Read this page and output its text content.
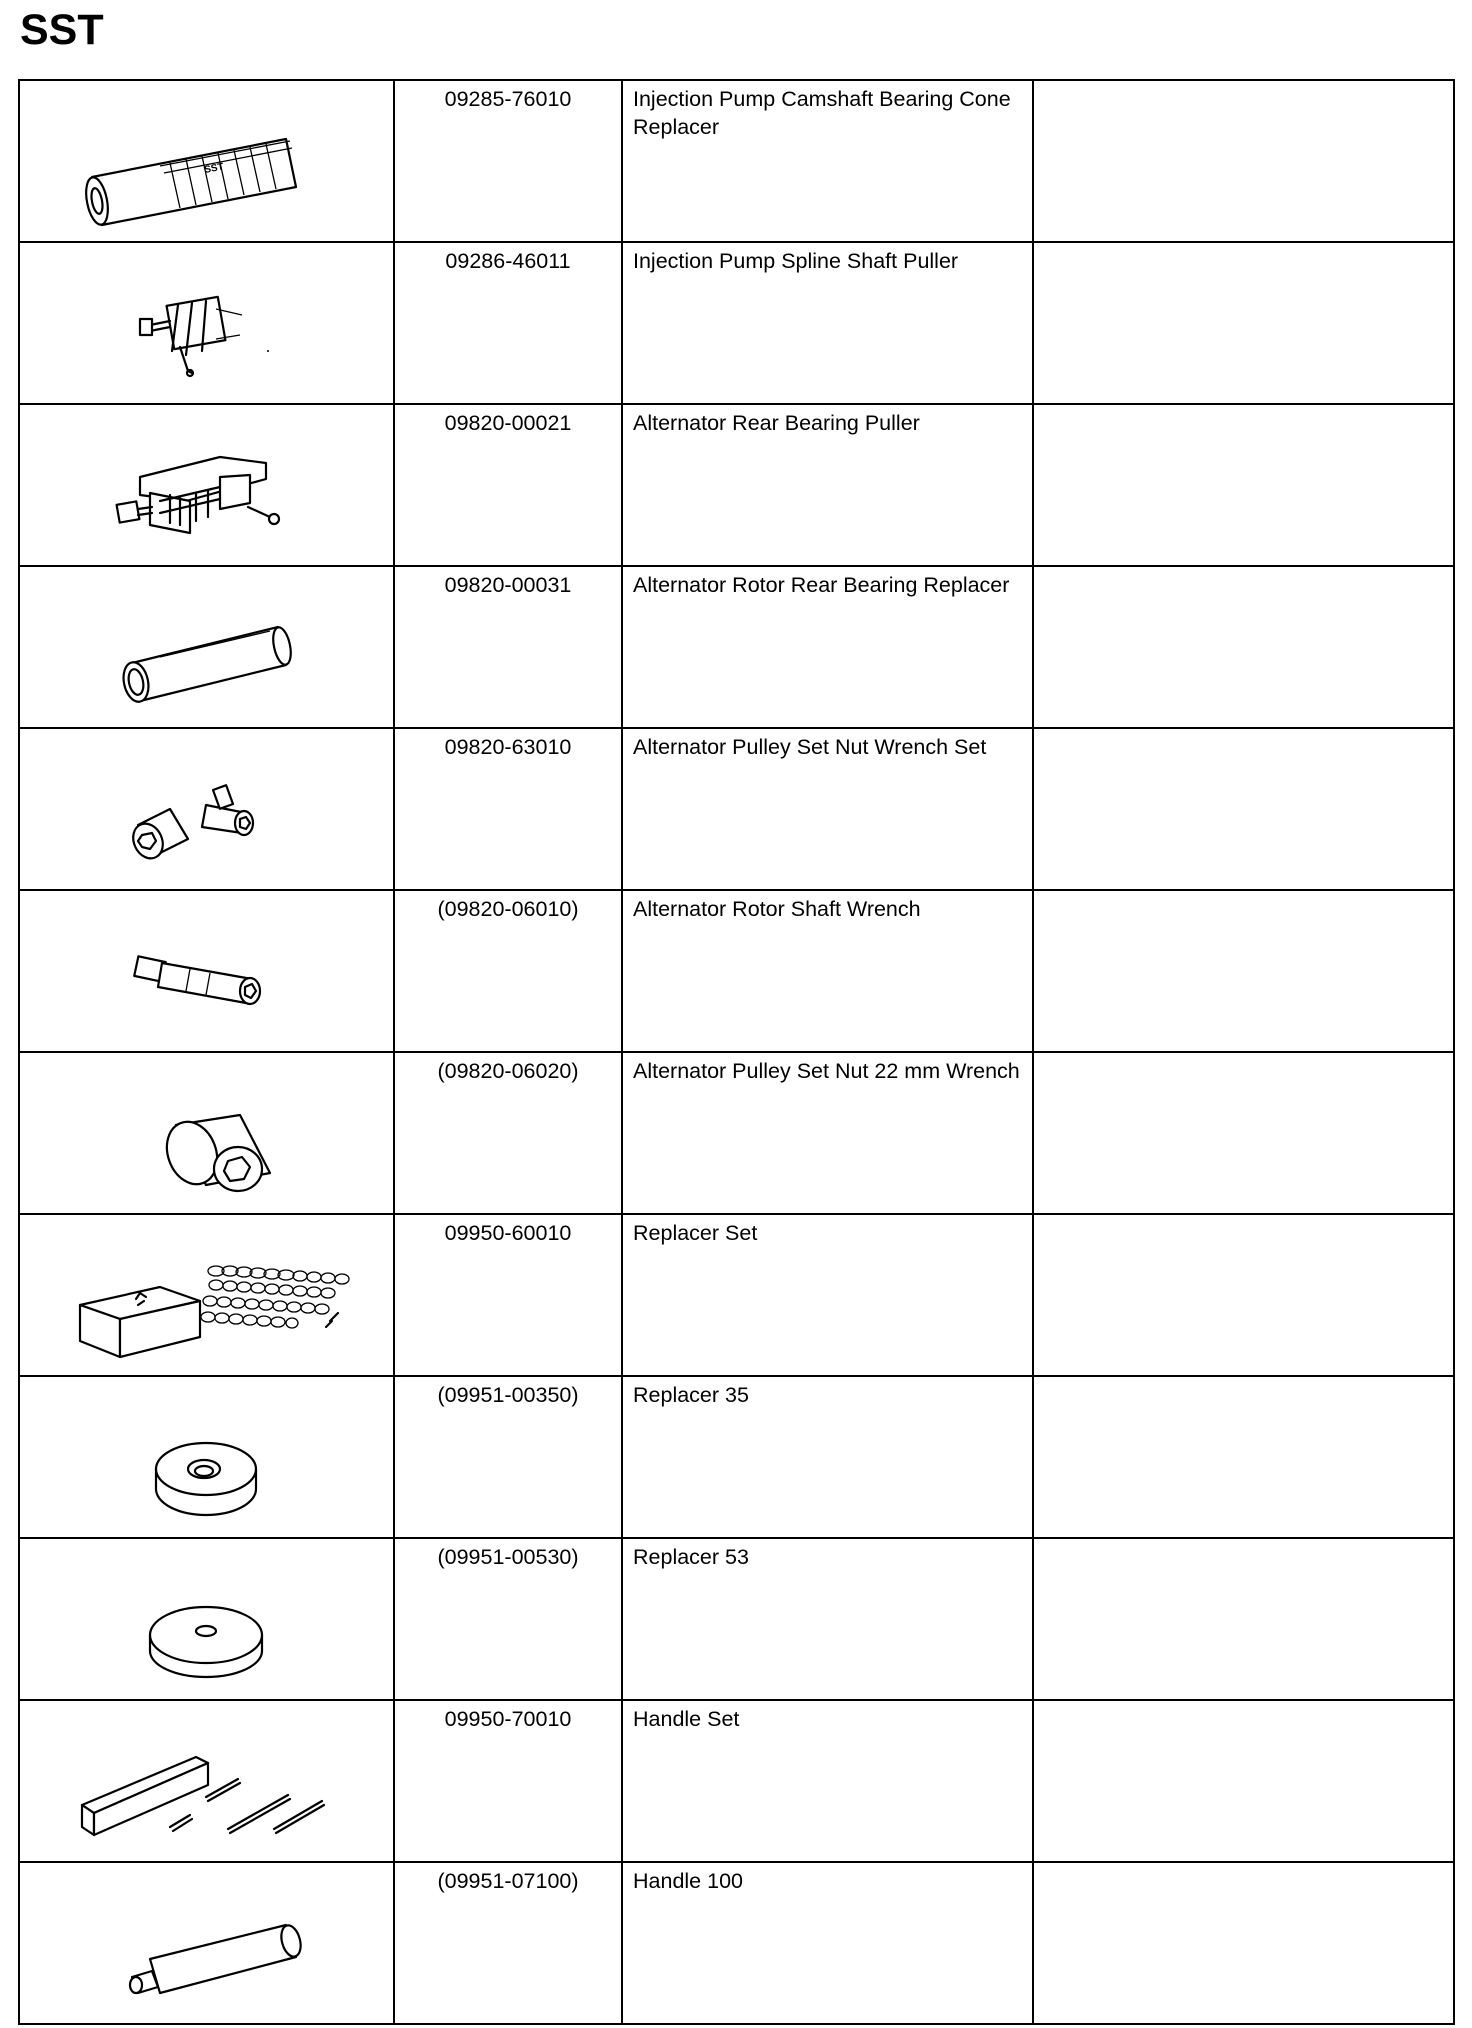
SST
SST	09285-76010	Injection Pump Camshaft Bearing Cone Replacer	

	09286-46011	Injection Pump Spline Shaft Puller	

	09820-00021	Alternator Rear Bearing Puller	

	09820-00031	Alternator Rotor Rear Bearing Replacer	

	09820-63010	Alternator Pulley Set Nut Wrench Set	

	(09820-06010)	Alternator Rotor Shaft Wrench	

	(09820-06020)	Alternator Pulley Set Nut 22 mm Wrench	

	09950-60010	Replacer Set	

	(09951-00350)	Replacer 35	

	(09951-00530)	Replacer 53	

	09950-70010	Handle Set	

	(09951-07100)	Handle 100	
